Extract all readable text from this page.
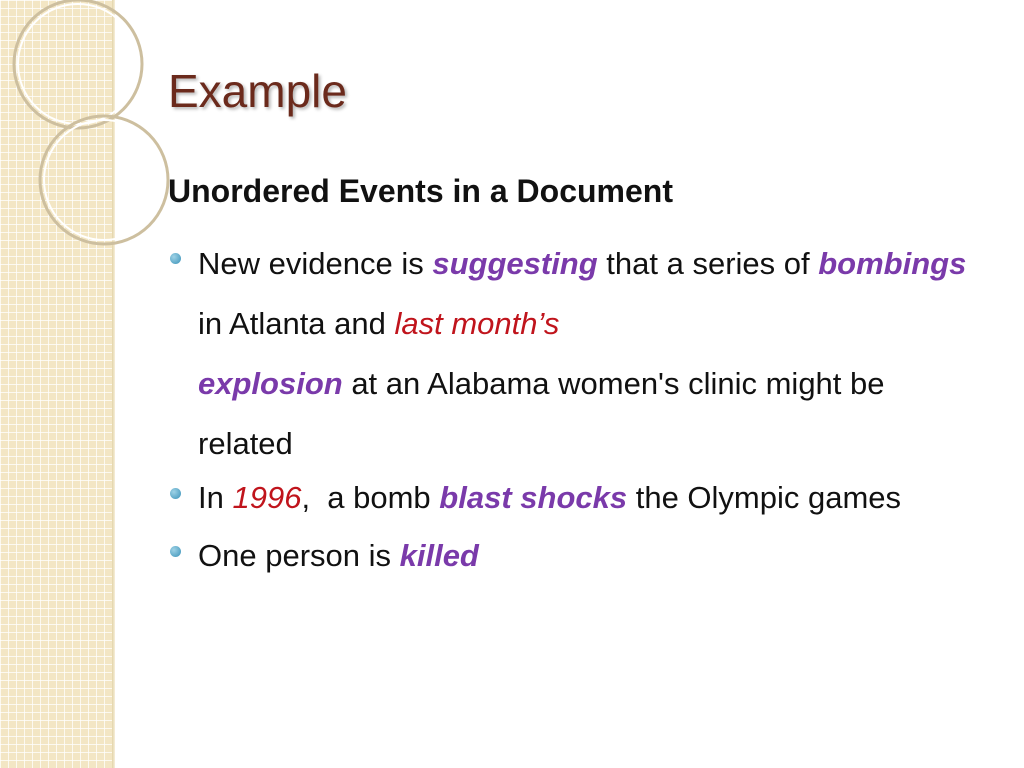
Example
Unordered Events in a Document
New evidence is suggesting that a series of bombings in Atlanta and last month’s
explosion at an Alabama women's clinic might be related
In 1996,  a bomb blast shocks the Olympic games
One person is killed
